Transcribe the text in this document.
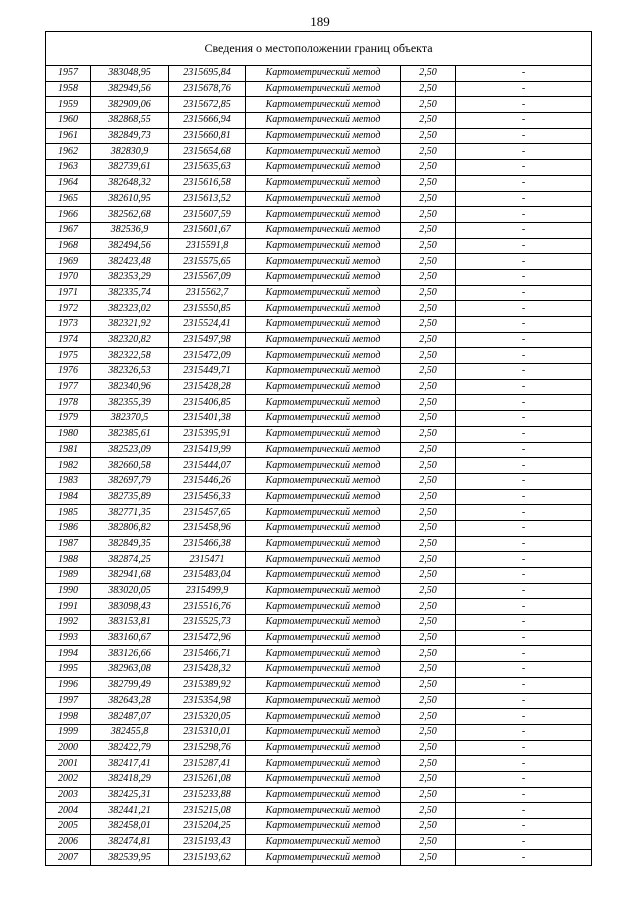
189
Сведения о местоположении границ объекта					
1957	383048,95	2315695,84	Картометрический метод	2,50	-
1958	382949,56	2315678,76	Картометрический метод	2,50	-
1959	382909,06	2315672,85	Картометрический метод	2,50	-
1960	382868,55	2315666,94	Картометрический метод	2,50	-
1961	382849,73	2315660,81	Картометрический метод	2,50	-
1962	382830,9	2315654,68	Картометрический метод	2,50	-
1963	382739,61	2315635,63	Картометрический метод	2,50	-
1964	382648,32	2315616,58	Картометрический метод	2,50	-
1965	382610,95	2315613,52	Картометрический метод	2,50	-
1966	382562,68	2315607,59	Картометрический метод	2,50	-
1967	382536,9	2315601,67	Картометрический метод	2,50	-
1968	382494,56	2315591,8	Картометрический метод	2,50	-
1969	382423,48	2315575,65	Картометрический метод	2,50	-
1970	382353,29	2315567,09	Картометрический метод	2,50	-
1971	382335,74	2315562,7	Картометрический метод	2,50	-
1972	382323,02	2315550,85	Картометрический метод	2,50	-
1973	382321,92	2315524,41	Картометрический метод	2,50	-
1974	382320,82	2315497,98	Картометрический метод	2,50	-
1975	382322,58	2315472,09	Картометрический метод	2,50	-
1976	382326,53	2315449,71	Картометрический метод	2,50	-
1977	382340,96	2315428,28	Картометрический метод	2,50	-
1978	382355,39	2315406,85	Картометрический метод	2,50	-
1979	382370,5	2315401,38	Картометрический метод	2,50	-
1980	382385,61	2315395,91	Картометрический метод	2,50	-
1981	382523,09	2315419,99	Картометрический метод	2,50	-
1982	382660,58	2315444,07	Картометрический метод	2,50	-
1983	382697,79	2315446,26	Картометрический метод	2,50	-
1984	382735,89	2315456,33	Картометрический метод	2,50	-
1985	382771,35	2315457,65	Картометрический метод	2,50	-
1986	382806,82	2315458,96	Картометрический метод	2,50	-
1987	382849,35	2315466,38	Картометрический метод	2,50	-
1988	382874,25	2315471	Картометрический метод	2,50	-
1989	382941,68	2315483,04	Картометрический метод	2,50	-
1990	383020,05	2315499,9	Картометрический метод	2,50	-
1991	383098,43	2315516,76	Картометрический метод	2,50	-
1992	383153,81	2315525,73	Картометрический метод	2,50	-
1993	383160,67	2315472,96	Картометрический метод	2,50	-
1994	383126,66	2315466,71	Картометрический метод	2,50	-
1995	382963,08	2315428,32	Картометрический метод	2,50	-
1996	382799,49	2315389,92	Картометрический метод	2,50	-
1997	382643,28	2315354,98	Картометрический метод	2,50	-
1998	382487,07	2315320,05	Картометрический метод	2,50	-
1999	382455,8	2315310,01	Картометрический метод	2,50	-
2000	382422,79	2315298,76	Картометрический метод	2,50	-
2001	382417,41	2315287,41	Картометрический метод	2,50	-
2002	382418,29	2315261,08	Картометрический метод	2,50	-
2003	382425,31	2315233,88	Картометрический метод	2,50	-
2004	382441,21	2315215,08	Картометрический метод	2,50	-
2005	382458,01	2315204,25	Картометрический метод	2,50	-
2006	382474,81	2315193,43	Картометрический метод	2,50	-
2007	382539,95	2315193,62	Картометрический метод	2,50	-
